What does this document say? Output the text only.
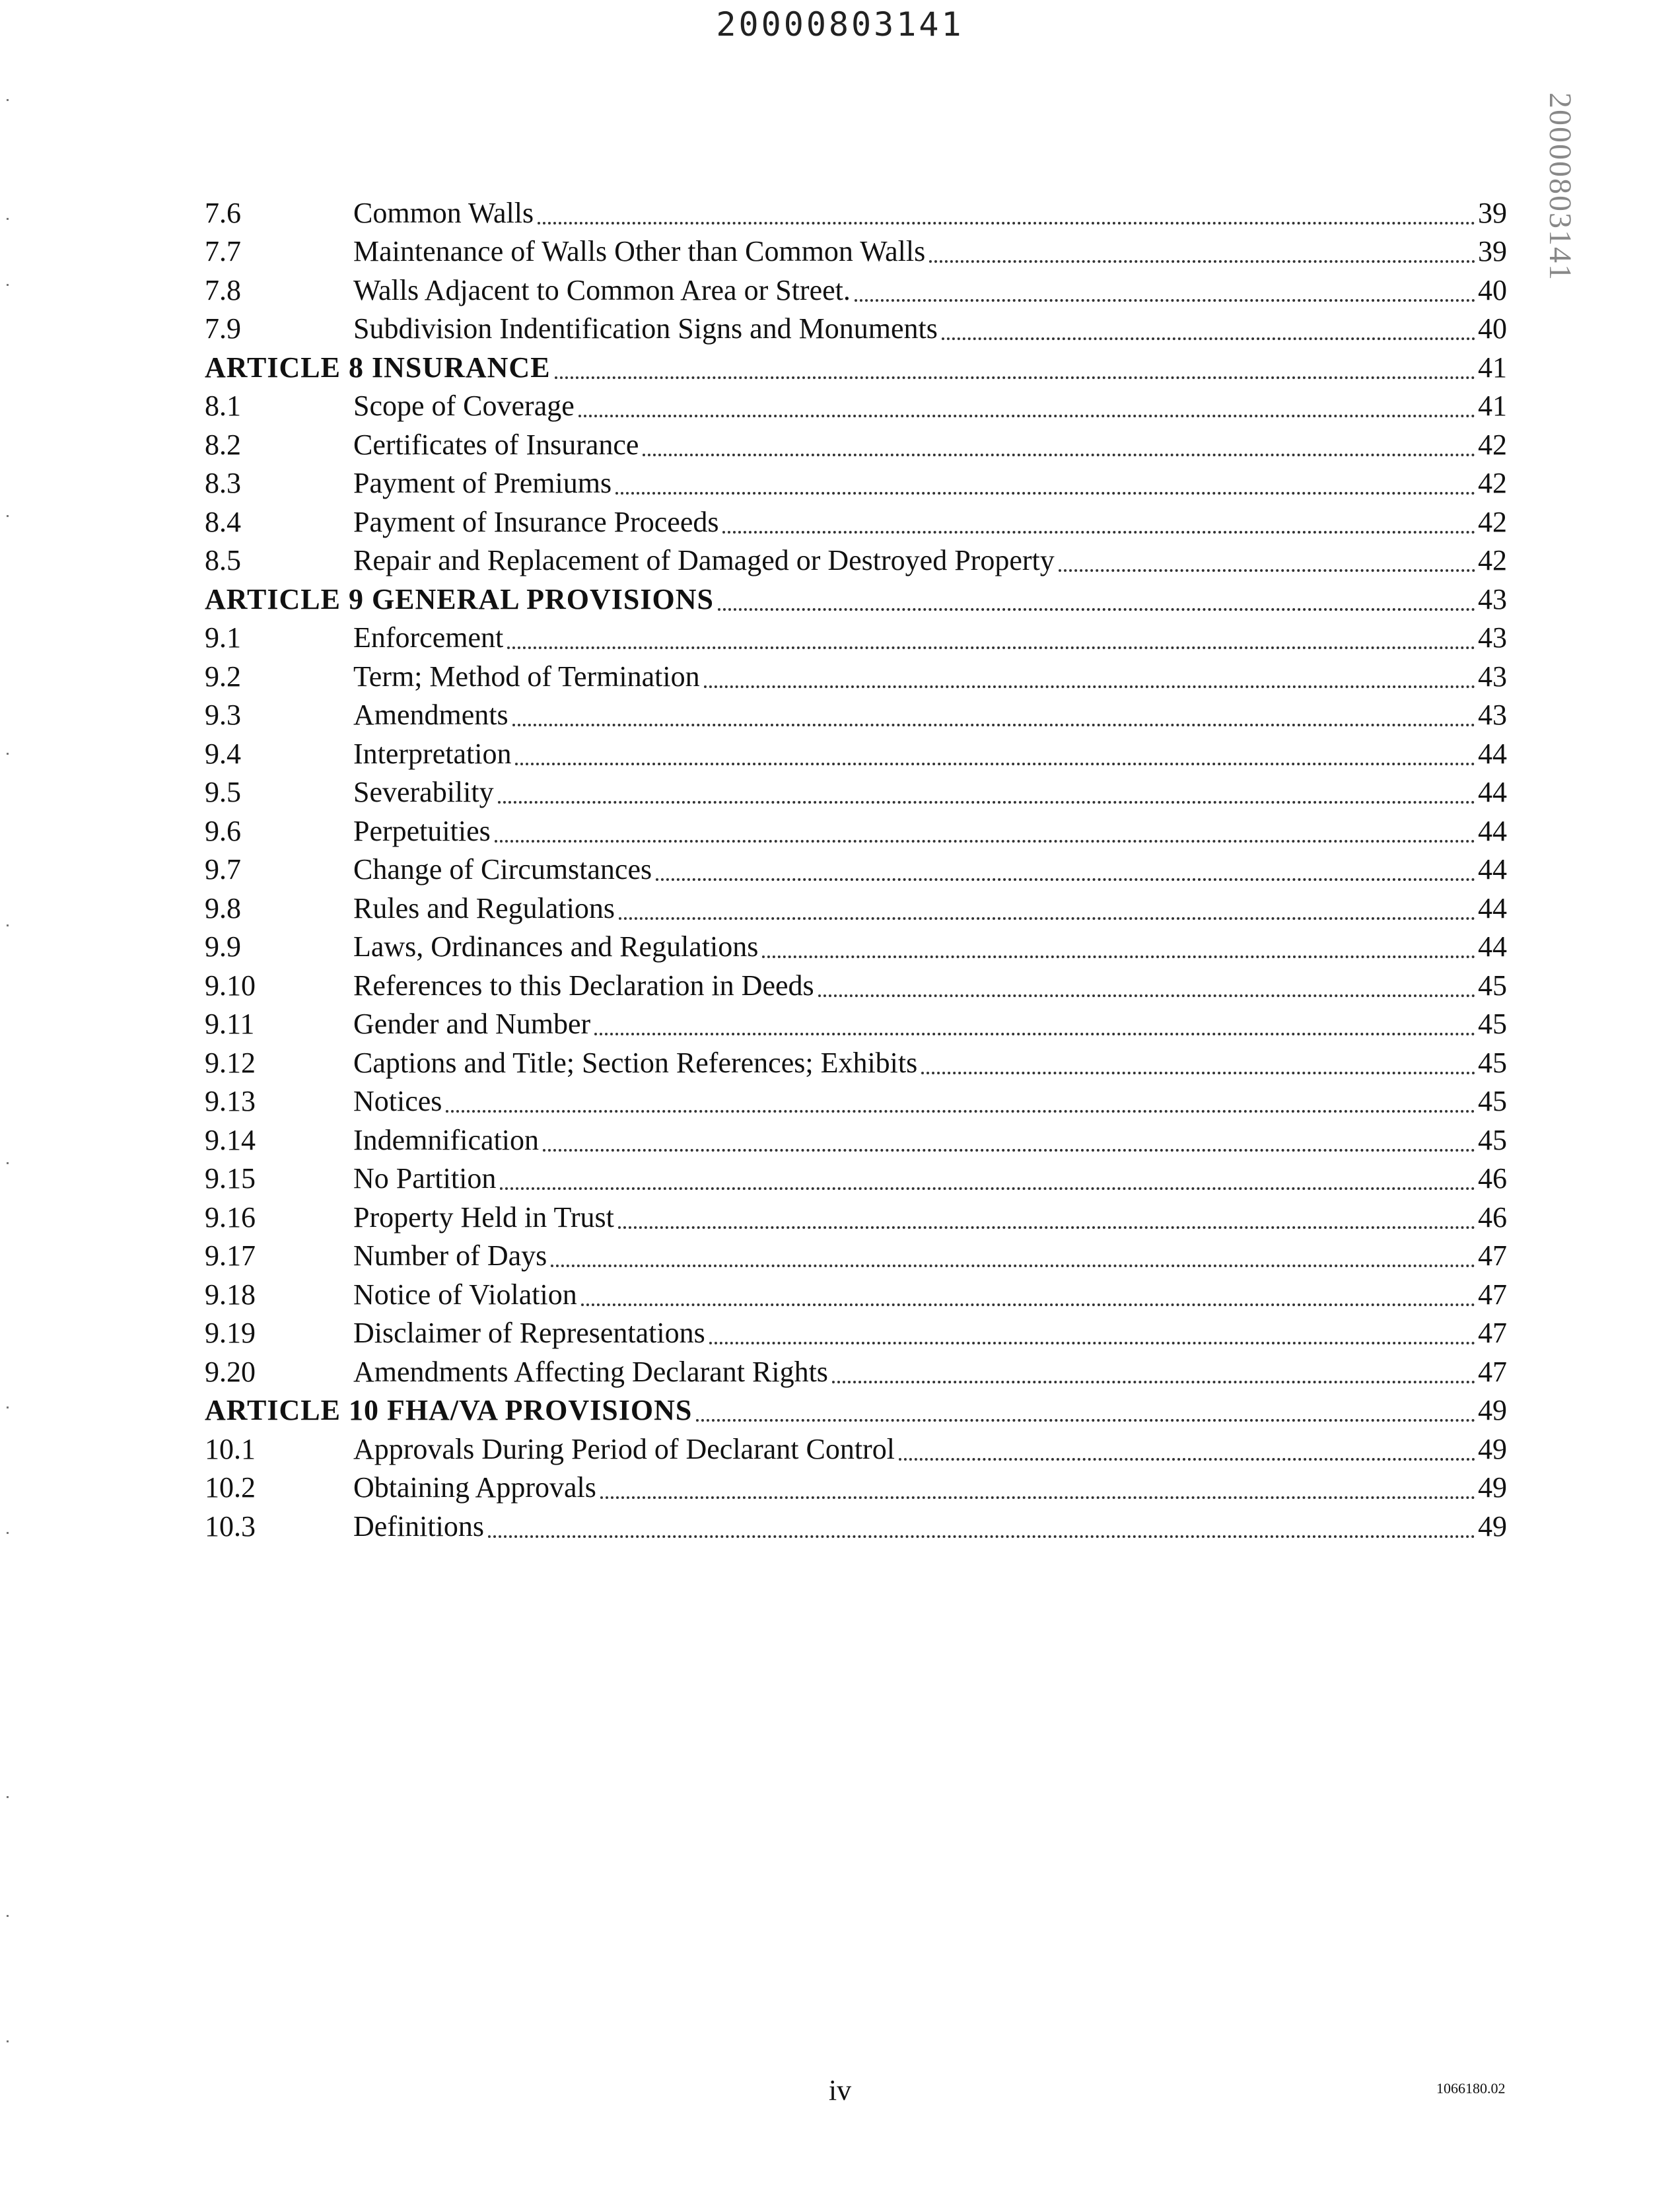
20000803141
20000803141
7.6	Common Walls	39
7.7	Maintenance of Walls Other than Common Walls	39
7.8	Walls Adjacent to Common Area or Street.	40
7.9	Subdivision Indentification Signs and Monuments	40
ARTICLE 8 INSURANCE	41
8.1	Scope of Coverage	41
8.2	Certificates of Insurance	42
8.3	Payment of Premiums	42
8.4	Payment of Insurance Proceeds	42
8.5	Repair and Replacement of Damaged or Destroyed Property	42
ARTICLE 9 GENERAL PROVISIONS	43
9.1	Enforcement	43
9.2	Term; Method of Termination	43
9.3	Amendments	43
9.4	Interpretation	44
9.5	Severability	44
9.6	Perpetuities	44
9.7	Change of Circumstances	44
9.8	Rules and Regulations	44
9.9	Laws, Ordinances and Regulations	44
9.10	References to this Declaration in Deeds	45
9.11	Gender and Number	45
9.12	Captions and Title; Section References; Exhibits	45
9.13	Notices	45
9.14	Indemnification	45
9.15	No Partition	46
9.16	Property Held in Trust	46
9.17	Number of Days	47
9.18	Notice of Violation	47
9.19	Disclaimer of Representations	47
9.20	Amendments Affecting Declarant Rights	47
ARTICLE 10 FHA/VA PROVISIONS	49
10.1	Approvals During Period of Declarant Control	49
10.2	Obtaining Approvals	49
10.3	Definitions	49
iv	1066180.02
